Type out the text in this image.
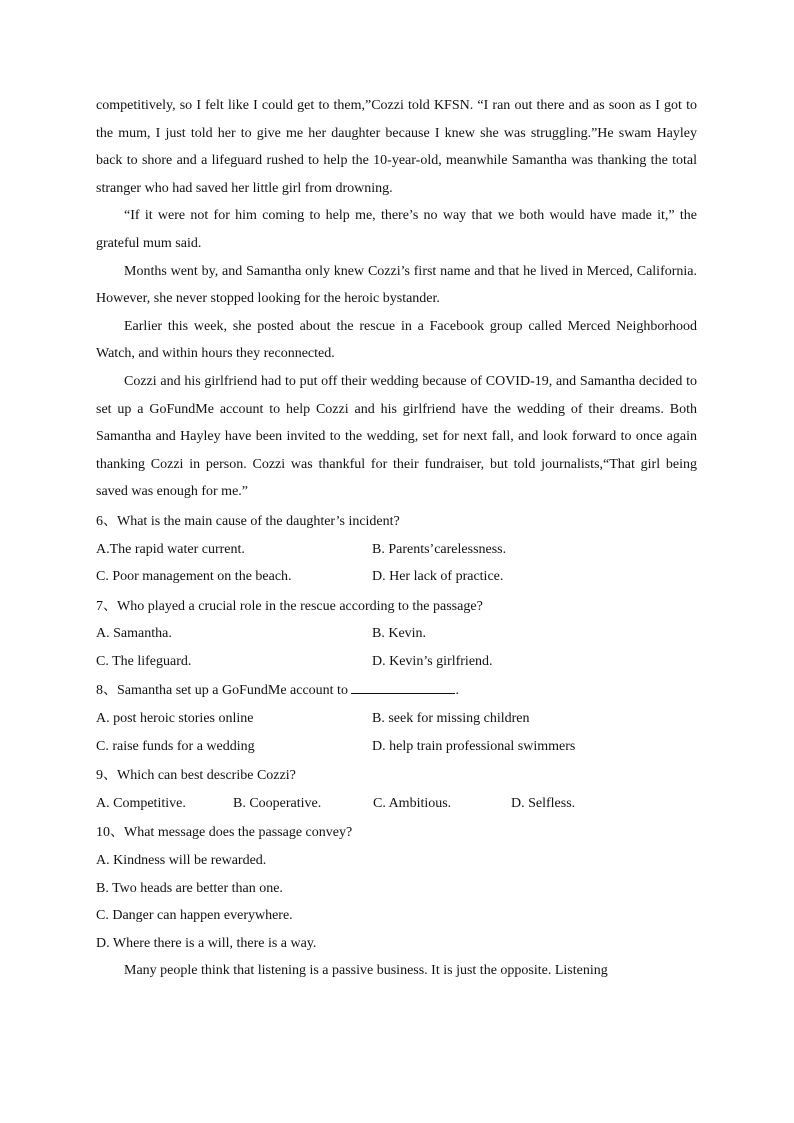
competitively, so I felt like I could get to them,”Cozzi told KFSN. “I ran out there and as soon as I got to the mum, I just told her to give me her daughter because I knew she was struggling.”He swam Hayley back to shore and a lifeguard rushed to help the 10-year-old, meanwhile Samantha was thanking the total stranger who had saved her little girl from drowning.

“If it were not for him coming to help me, there’s no way that we both would have made it,” the grateful mum said.

Months went by, and Samantha only knew Cozzi’s first name and that he lived in Merced, California. However, she never stopped looking for the heroic bystander.

Earlier this week, she posted about the rescue in a Facebook group called Merced Neighborhood Watch, and within hours they reconnected.

Cozzi and his girlfriend had to put off their wedding because of COVID-19, and Samantha decided to set up a GoFundMe account to help Cozzi and his girlfriend have the wedding of their dreams. Both Samantha and Hayley have been invited to the wedding, set for next fall, and look forward to once again thanking Cozzi in person. Cozzi was thankful for their fundraiser, but told journalists,“That girl being saved was enough for me.”

6、What is the main cause of the daughter’s incident?

A.The rapid water current.	B. Parents’carelessness.
C. Poor management on the beach.	D. Her lack of practice.

7、Who played a crucial role in the rescue according to the passage?

A. Samantha.	B. Kevin.
C. The lifeguard.	D. Kevin’s girlfriend.

8、Samantha set up a GoFundMe account to	.

A. post heroic stories online	B. seek for missing children
C. raise funds for a wedding	D. help train professional swimmers

9、Which can best describe Cozzi?

A. Competitive.	B. Cooperative.	C. Ambitious.	D. Selfless.

10、What message does the passage convey?

A. Kindness will be rewarded.
B. Two heads are better than one.
C. Danger can happen everywhere.
D. Where there is a will, there is a way.

Many people think that listening is a passive business. It is just the opposite. Listening
